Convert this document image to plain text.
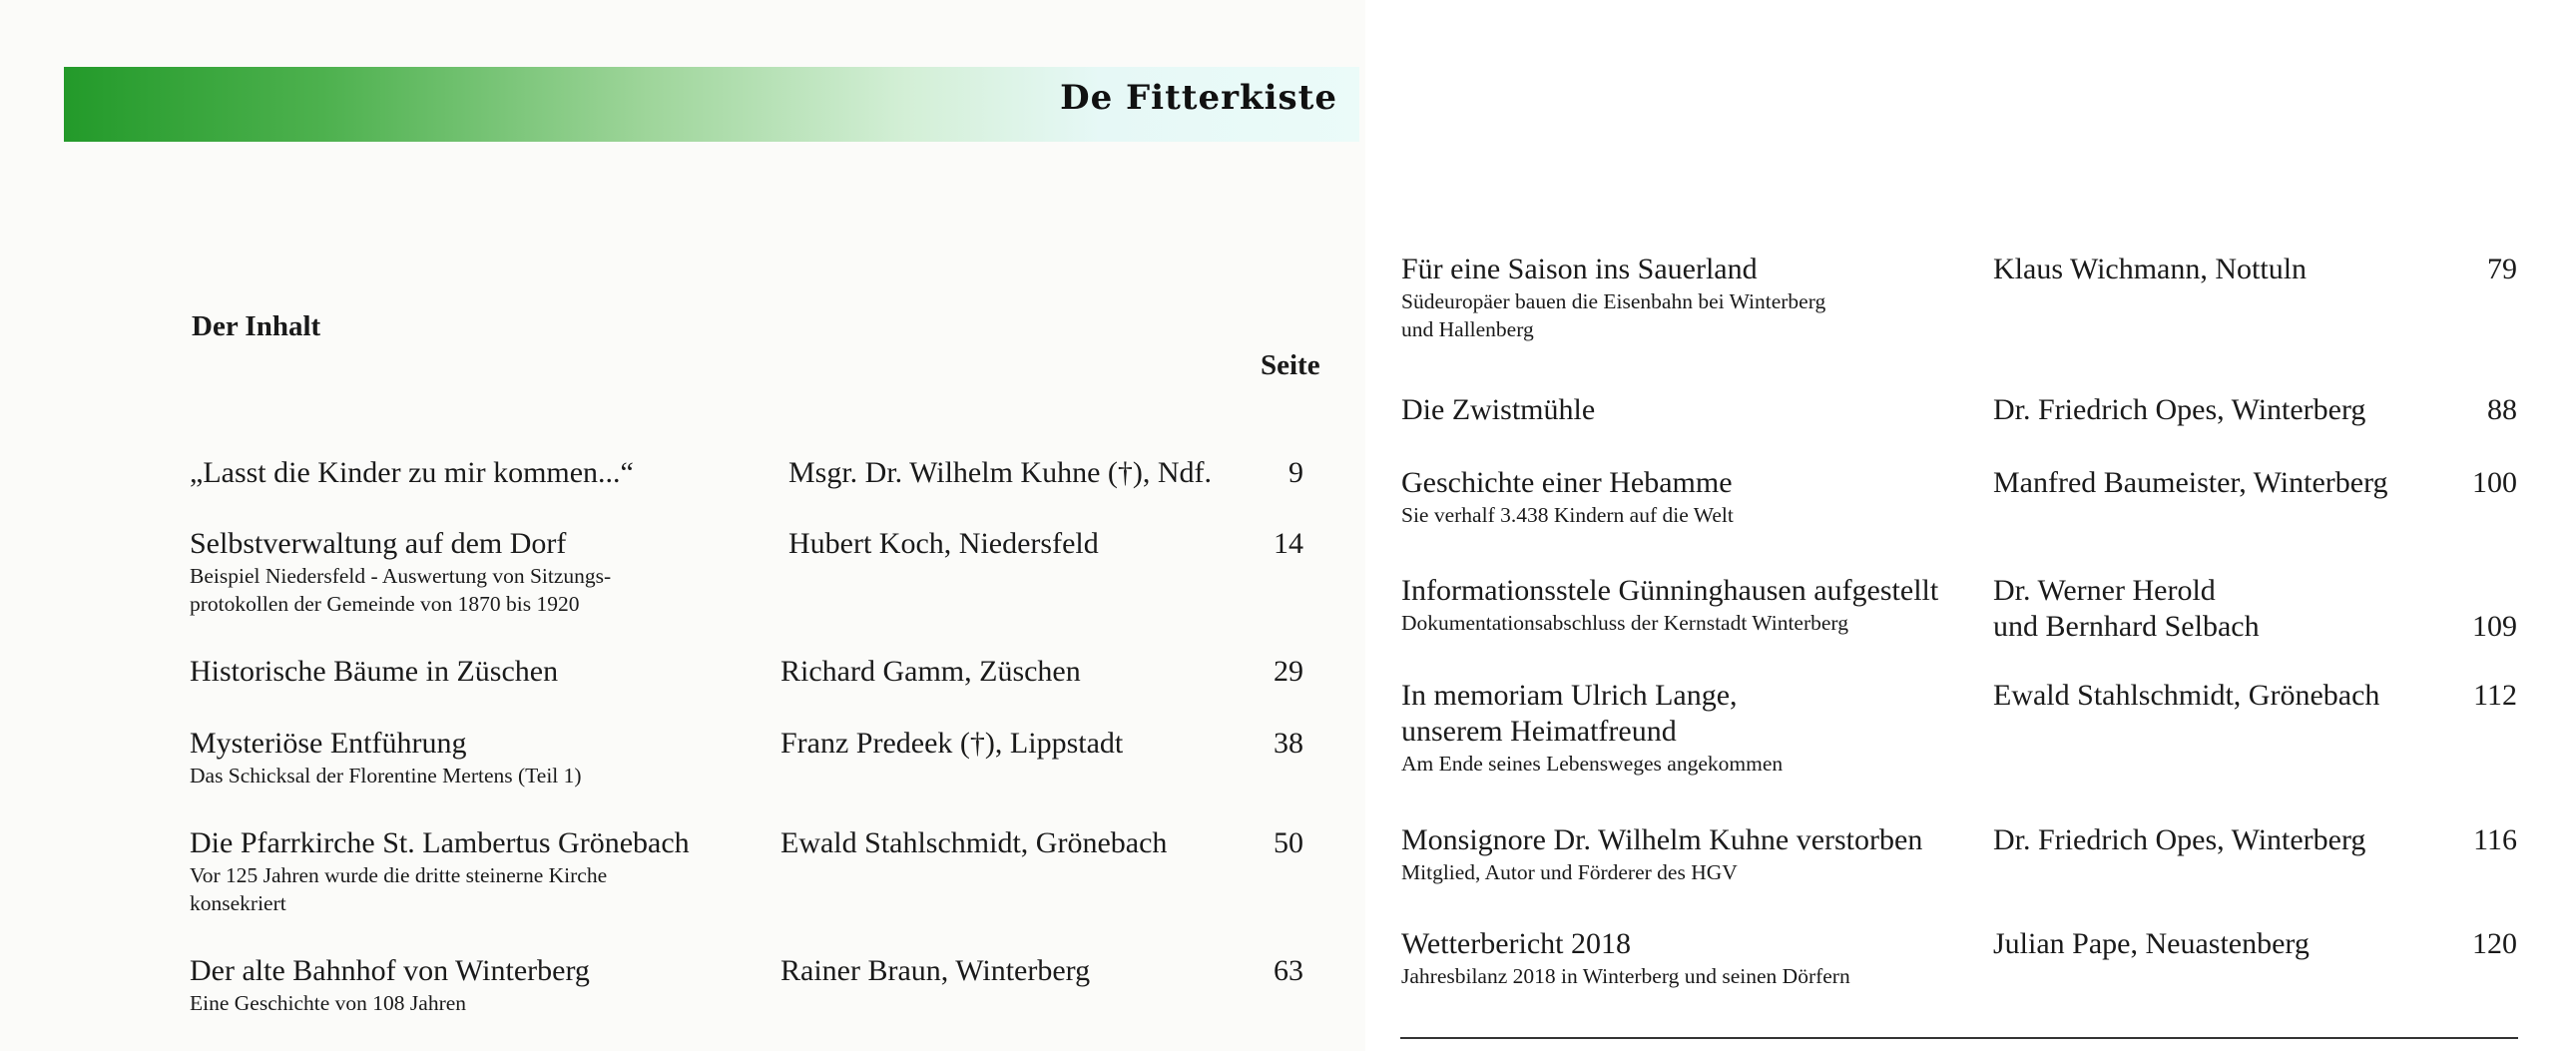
De Fitterkiste
Der Inhalt
Seite
„Lasst die Kinder zu mir kommen...“	Msgr. Dr. Wilhelm Kuhne (†), Ndf.	9
Selbstverwaltung auf dem Dorf
Beispiel Niedersfeld - Auswertung von Sitzungs-
protokollen der Gemeinde von 1870 bis 1920
Hubert Koch, Niedersfeld	14
Historische Bäume in Züschen	Richard Gamm, Züschen	29
Mysteriöse Entführung
Das Schicksal der Florentine Mertens (Teil 1)
Franz Predeek (†), Lippstadt	38
Die Pfarrkirche St. Lambertus Grönebach
Vor 125 Jahren wurde die dritte steinerne Kirche
konsekriert
Ewald Stahlschmidt, Grönebach	50
Der alte Bahnhof von Winterberg
Eine Geschichte von 108 Jahren
Rainer Braun, Winterberg	63
Für eine Saison ins Sauerland
Südeuropäer bauen die Eisenbahn bei Winterberg
und Hallenberg
Klaus Wichmann, Nottuln	79
Die Zwistmühle	Dr. Friedrich Opes, Winterberg	88
Geschichte einer Hebamme
Sie verhalf 3.438 Kindern auf die Welt
Manfred Baumeister, Winterberg	100
Informationsstele Günninghausen aufgestellt
Dokumentationsabschluss der Kernstadt Winterberg
Dr. Werner Herold
und Bernhard Selbach	109
In memoriam Ulrich Lange,
unserem Heimatfreund
Am Ende seines Lebensweges angekommen
Ewald Stahlschmidt, Grönebach	112
Monsignore Dr. Wilhelm Kuhne verstorben
Mitglied, Autor und Förderer des HGV
Dr. Friedrich Opes, Winterberg	116
Wetterbericht 2018
Jahresbilanz 2018 in Winterberg und seinen Dörfern
Julian Pape, Neuastenberg	120
